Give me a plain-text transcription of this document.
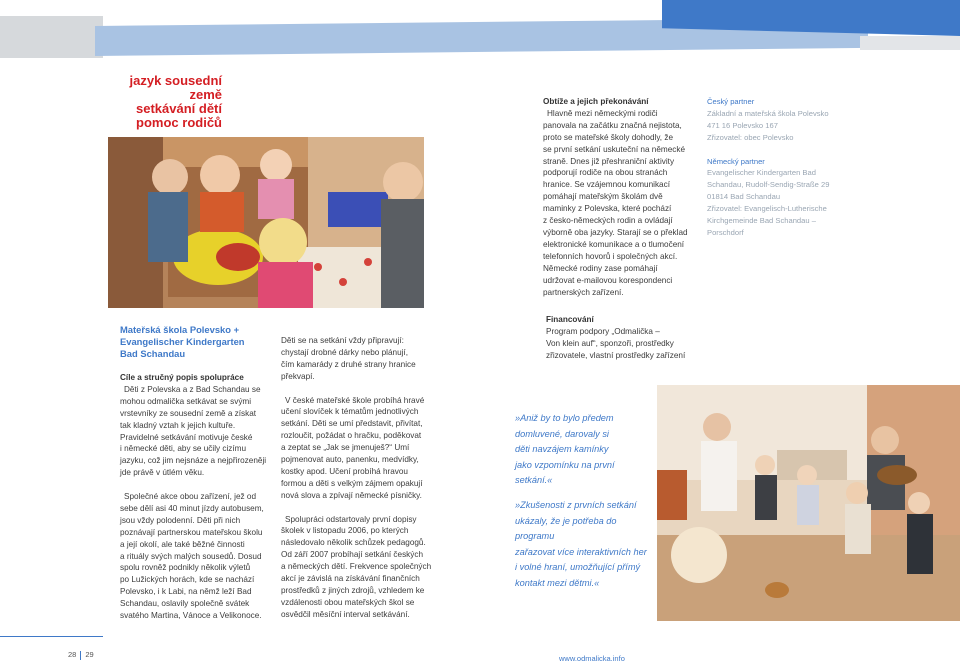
jazyk sousední země
setkávání dětí
pomoc rodičů
Mateřská škola Polevsko +
Evangelischer Kindergarten
Bad Schandau

Cíle a stručný popis spolupráce

Děti z Polevska a z Bad Schandau se

mohou odmalička setkávat se svými

vrstevníky ze sousední země a získat

tak kladný vztah k jejich kultuře.

Pravidelné setkávání motivuje české

i německé děti, aby se učily cizímu

jazyku, což jim nejsnáze a nejpřirozeněji

jde právě v útlém věku.

Společné akce obou zařízení, jež od

sebe dělí asi 40 minut jízdy autobusem,

jsou vždy polodenní. Děti při nich

poznávají partnerskou mateřskou školu

a její okolí, ale také běžné činnosti

a rituály svých malých sousedů. Dosud

spolu rovněž podnikly několik výletů

po Lužických horách, kde se nachází

Polevsko, i k Labi, na němž leží Bad

Schandau, oslavily společně svátek

svatého Martina, Vánoce a Velikonoce.

Děti se na setkání vždy připravují:

chystají drobné dárky nebo plánují,

čím kamarády z druhé strany hranice

překvapí.

V české mateřské škole probíhá hravé

učení slovíček k tématům jednotlivých

setkání. Děti se umí představit, přivítat,

rozloučit, požádat o hračku, poděkovat

a zeptat se „Jak se jmenuješ?“ Umí

pojmenovat auto, panenku, medvídky,

kostky apod. Učení probíhá hravou

formou a děti s velkým zájmem opakují

nová slova a zpívají německé písničky.

Spolupráci odstartovaly první dopisy

školek v listopadu 2006, po kterých

následovalo několik schůzek pedagogů.

Od září 2007 probíhají setkání českých

a německých dětí. Frekvence společných

akcí je závislá na získávání finančních

prostředků z jiných zdrojů, vzhledem ke

vzdálenosti obou mateřských škol se

osvědčil měsíční interval setkávání.

Obtíže a jejich překonávání

Hlavně mezi německými rodiči

panovala na začátku značná nejistota,

proto se mateřské školy dohodly, že

se první setkání uskuteční na německé

straně. Dnes již přeshraniční aktivity

podporují rodiče na obou stranách

hranice. Se vzájemnou komunikací

pomáhají mateřským školám dvě

maminky z Polevska, které pochází

z česko-německých rodin a ovládají

výborně oba jazyky. Starají se o překlad

elektronické komunikace a o tlumočení

telefonních hovorů i společných akcí.

Německé rodiny zase pomáhají

udržovat e-mailovou korespondenci

partnerských zařízení.

Financování

Program podpory „Odmalička –

Von klein auf“, sponzoři, prostředky

zřizovatele, vlastní prostředky zařízení

Český partner

Základní a mateřská škola Polevsko

471 16 Polevsko 167

Zřizovatel: obec Polevsko

Německý partner

Evangelischer Kindergarten Bad

Schandau, Rudolf-Sendig-Straße 29

01814 Bad Schandau

Zřizovatel: Evangelisch-Lutherische

Kirchgemeinde Bad Schandau –

Porschdorf

»Aniž by to bylo předem
domluvené, darovaly si
děti navzájem kamínky
jako vzpomínku na první
setkání.«
»Zkušenosti z prvních setkání
ukázaly, že je potřeba do programu
zařazovat více interaktivních her
i volné hraní, umožňující přímý
kontakt mezi dětmi.«
28 29	www.odmalicka.info
